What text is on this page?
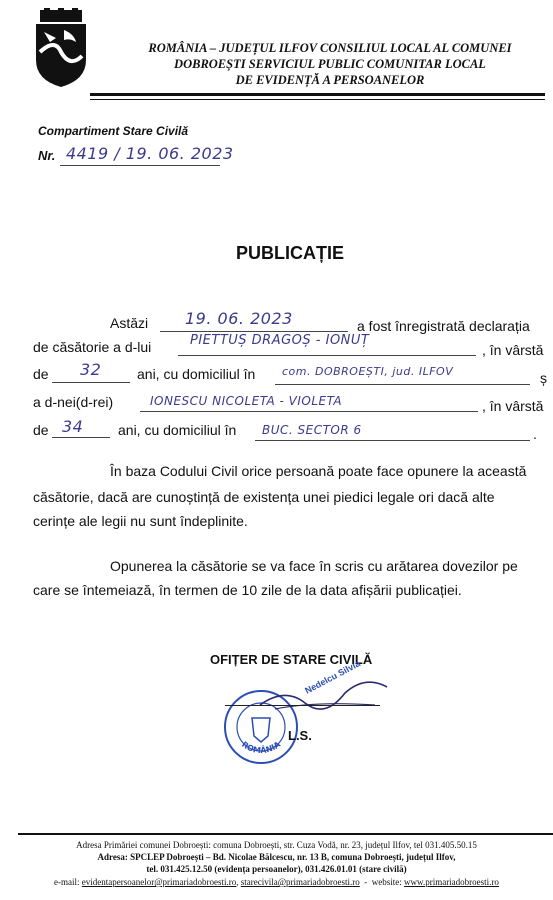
ROMÂNIA – JUDEȚUL ILFOV CONSILIUL LOCAL AL COMUNEI
DOBROEȘTI SERVICIUL PUBLIC COMUNITAR LOCAL
DE EVIDENȚĂ A PERSOANELOR
Compartiment Stare Civilă
Nr. 4419 / 19. 06. 2023
PUBLICAȚIE
Astăzi 19. 06. 2023	a fost înregistrată declarația
de căsătorie a d-lui	PIETTUȘ DRAGOȘ - IONUȚ
, în vârstă
de 32	ani, cu domiciliul în com. DOBROEȘTI, jud. ILFOV	ș
a d-nei(d-rei)	IONESCU NICOLETA - VIOLETA	, în vârstă
de 34 ani, cu domiciliul în BUC. SECTOR 6	.
În baza Codului Civil orice persoană poate face opunere la această
căsătorie, dacă are cunoștință de existența unei piedici legale ori dacă alte
cerințe ale legii nu sunt îndeplinite.
Opunerea la căsătorie se va face în scris cu arătarea dovezilor pe
care se întemeiază, în termen de 10 zile de la data afișării publicației.
OFIȚER DE STARE CIVILĂ
ROMÂNIA
Nedelcu Silvia
L.S.
Adresa Primăriei comunei Dobroești: comuna Dobroești, str. Cuza Vodă, nr. 23, județul Ilfov, tel 031.405.50.15
Adresa: SPCLEP Dobroești – Bd. Nicolae Bălcescu, nr. 13 B, comuna Dobroești, județul Ilfov,
tel. 031.425.12.50 (evidența persoanelor), 031.426.01.01 (stare civilă)
e-mail: evidentapersoanelor@primariadobroesti.ro, starecivila@primariadobroesti.ro  -  website: www.primariadobroesti.ro
